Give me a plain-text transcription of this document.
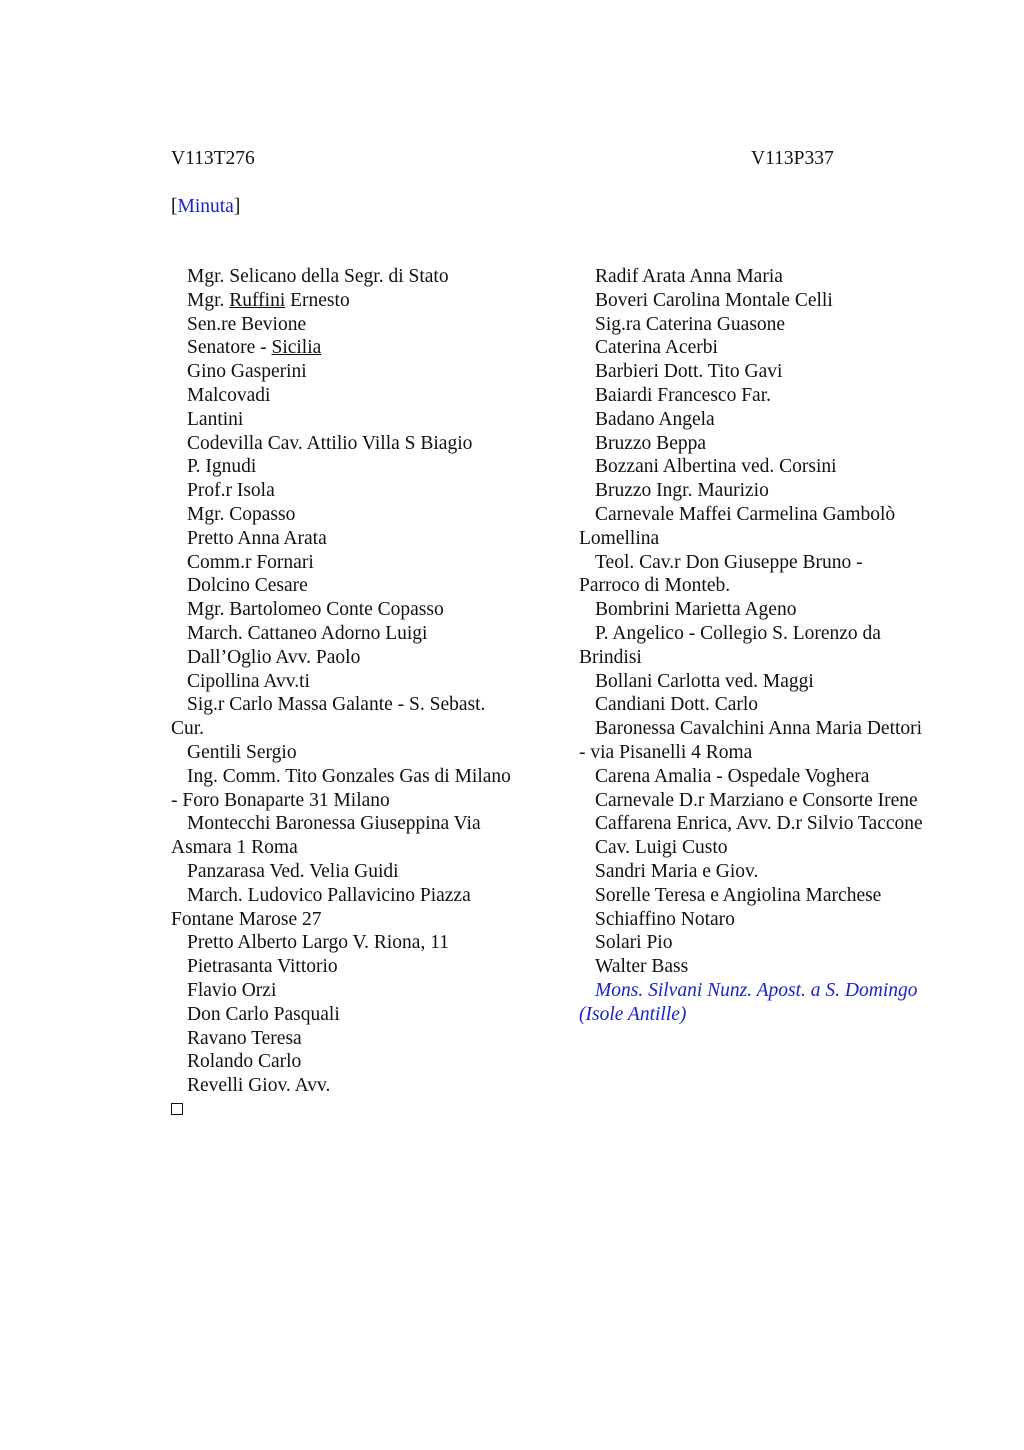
V113T276	V113P337
[Minuta]

Mgr. Selicano della Segr. di Stato

Mgr. Ruffini Ernesto

Sen.re Bevione

Senatore - Sicilia

Gino Gasperini

Malcovadi

Lantini

Codevilla Cav. Attilio Villa S Biagio

P. Ignudi

Prof.r Isola

Mgr. Copasso

Pretto Anna Arata

Comm.r Fornari

Dolcino Cesare

Mgr. Bartolomeo Conte Copasso

March. Cattaneo Adorno Luigi

Dall’Oglio Avv. Paolo

Cipollina Avv.ti

Sig.r Carlo Massa Galante - S. Sebast. Cur.

Gentili Sergio

Ing. Comm. Tito Gonzales Gas di Milano - Foro Bonaparte 31 Milano

Montecchi Baronessa Giuseppina Via Asmara 1 Roma

Panzarasa Ved. Velia Guidi

March. Ludovico Pallavicino Piazza Fontane Marose 27

Pretto Alberto Largo V. Riona, 11

Pietrasanta Vittorio

Flavio Orzi

Don Carlo Pasquali

Ravano Teresa

Rolando Carlo

Revelli Giov. Avv.

Radif Arata Anna Maria

Boveri Carolina Montale Celli

Sig.ra Caterina Guasone

Caterina Acerbi

Barbieri Dott. Tito Gavi

Baiardi Francesco Far.

Badano Angela

Bruzzo Beppa

Bozzani Albertina ved. Corsini

Bruzzo Ingr. Maurizio

Carnevale Maffei Carmelina Gambolò Lomellina

Teol. Cav.r Don Giuseppe Bruno - Parroco di Monteb.

Bombrini Marietta Ageno

P. Angelico - Collegio S. Lorenzo da Brindisi

Bollani Carlotta ved. Maggi

Candiani Dott. Carlo

Baronessa Cavalchini Anna Maria Dettori - via Pisanelli 4 Roma

Carena Amalia - Ospedale Voghera

Carnevale D.r Marziano e Consorte Irene

Caffarena Enrica, Avv. D.r Silvio Taccone

Cav. Luigi Custo

Sandri Maria e Giov.

Sorelle Teresa e Angiolina Marchese

Schiaffino Notaro

Solari Pio

Walter Bass

Mons. Silvani Nunz. Apost. a S. Domingo (Isole Antille)
